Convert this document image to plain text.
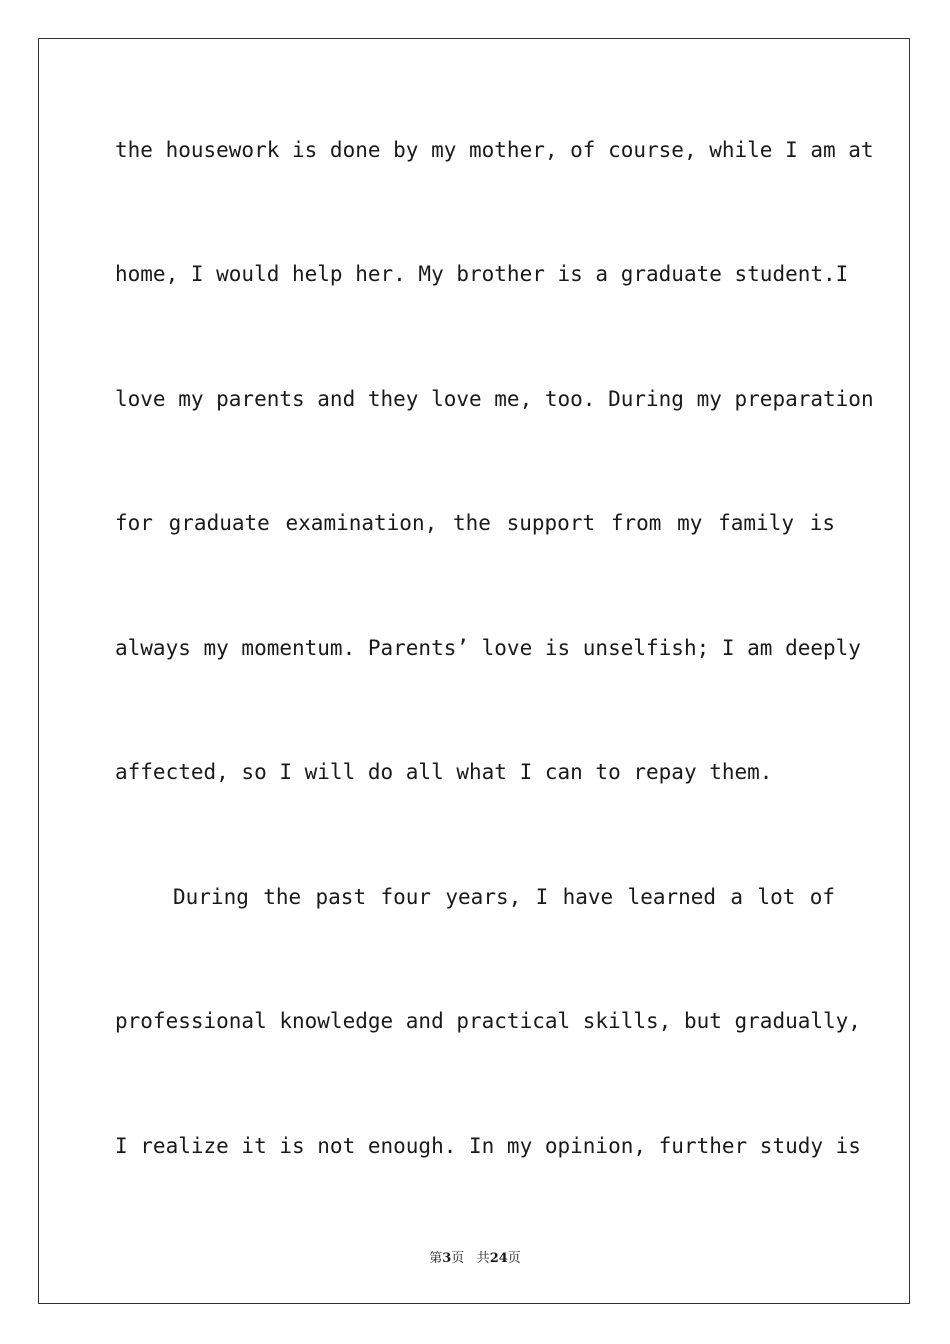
the housework is done by my mother, of course, while I am at
home, I would help her. My brother is a graduate student.I
love my parents and they love me, too. During my preparation
for graduate examination, the support from my family is
always my momentum. Parents’ love is unselfish; I am deeply
affected, so I will do all what I can to repay them.
During the past four years, I have learned a lot of
professional knowledge and practical skills, but gradually,
I realize it is not enough. In my opinion, further study is
第3页 共24页
